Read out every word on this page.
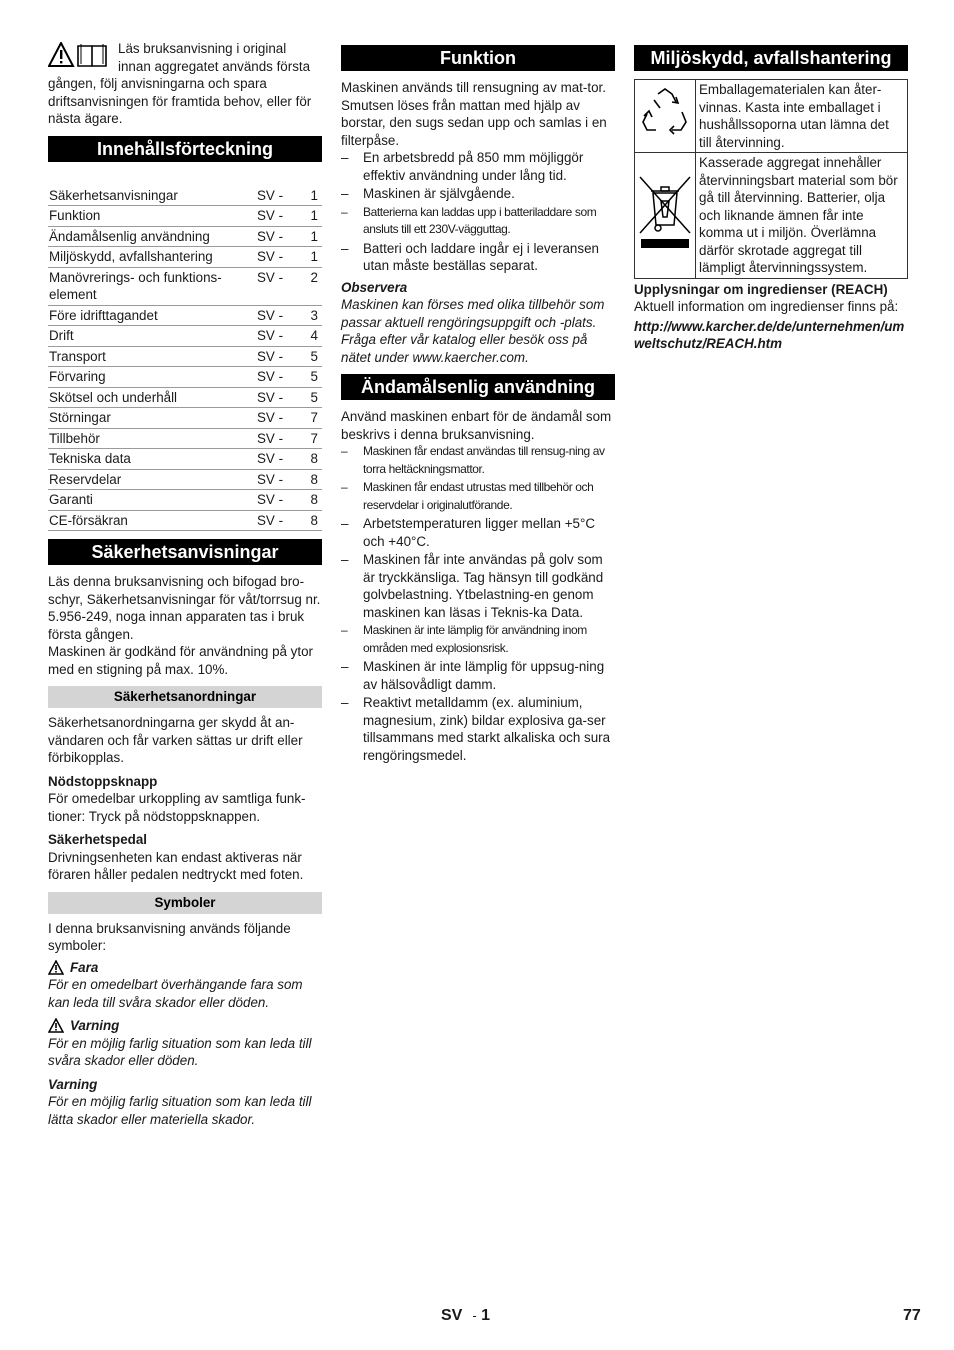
Läs bruksanvisning i original innan aggregatet används första gången, följ anvisningarna och spara driftsanvisningen för framtida behov, eller för nästa ägare.

Innehållsförteckning
Säkerhetsanvisningar	SV -	1
Funktion	SV -	1
Ändamålsenlig användning	SV -	1
Miljöskydd, avfallshantering	SV -	1
Manövrerings- och funktions-element	SV -	2
Före idrifttagandet	SV -	3
Drift	SV -	4
Transport	SV -	5
Förvaring	SV -	5
Skötsel och underhåll	SV -	5
Störningar	SV -	7
Tillbehör	SV -	7
Tekniska data	SV -	8
Reservdelar	SV -	8
Garanti	SV -	8
CE-försäkran	SV -	8
Säkerhetsanvisningar

Läs denna bruksanvisning och bifogad bro-schyr, Säkerhetsanvisningar för våt/torrsug nr. 5.956-249, noga innan apparaten tas i bruk första gången.

Maskinen är godkänd för användning på ytor med en stigning på max. 10%.

Säkerhetsanordningar

Säkerhetsanordningarna ger skydd åt an-vändaren och får varken sättas ur drift eller förbikopplas.

Nödstoppsknapp

För omedelbar urkoppling av samtliga funk-tioner: Tryck på nödstoppsknappen.

Säkerhetspedal

Drivningsenheten kan endast aktiveras när föraren håller pedalen nedtryckt med foten.

Symboler

I denna bruksanvisning används följande symboler:

Fara

För en omedelbart överhängande fara som kan leda till svåra skador eller döden.

Varning

För en möjlig farlig situation som kan leda till svåra skador eller döden.

Varning

För en möjlig farlig situation som kan leda till lätta skador eller materiella skador.

Funktion

Maskinen används till rensugning av mat-tor. Smutsen löses från mattan med hjälp av borstar, den sugs sedan upp och samlas i en filterpåse.

– En arbetsbredd på 850 mm möjliggör effektiv användning under lång tid.
– Maskinen är självgående.
– Batterierna kan laddas upp i batteriladdare som ansluts till ett 230V-vägguttag.
– Batteri och laddare ingår ej i leveransen utan måste beställas separat.

Observera

Maskinen kan förses med olika tillbehör som passar aktuell rengöringsuppgift och -plats.

Fråga efter vår katalog eller besök oss på nätet under www.kaercher.com.

Ändamålsenlig användning

Använd maskinen enbart för de ändamål som beskrivs i denna bruksanvisning.

– Maskinen får endast användas till rensug-ning av torra heltäckningsmattor.
– Maskinen får endast utrustas med tillbehör och reservdelar i originalutförande.
– Arbetstemperaturen ligger mellan +5°C och +40°C.
– Maskinen får inte användas på golv som är tryckkänsliga. Tag hänsyn till godkänd golvbelastning. Ytbelastning-en genom maskinen kan läsas i Teknis-ka Data.
– Maskinen är inte lämplig för användning inom områden med explosionsrisk.
– Maskinen är inte lämplig för uppsug-ning av hälsovådligt damm.
– Reaktivt metalldamm (ex. aluminium, magnesium, zink) bildar explosiva ga-ser tillsammans med starkt alkaliska och sura rengöringsmedel.
Miljöskydd, avfallshantering
	Emballagematerialen kan åter-vinnas. Kasta inte emballaget i hushållssoporna utan lämna det till återvinning.
	Kasserade aggregat innehåller återvinningsbart material som bör gå till återvinning. Batterier, olja och liknande ämnen får inte komma ut i miljön. Överlämna därför skrotade aggregat till lämpligt återvinningssystem.

Upplysningar om ingredienser (REACH)

Aktuell information om ingredienser finns på:

http://www.karcher.de/de/unternehmen/umweltschutz/REACH.htm

SV - 1	77
